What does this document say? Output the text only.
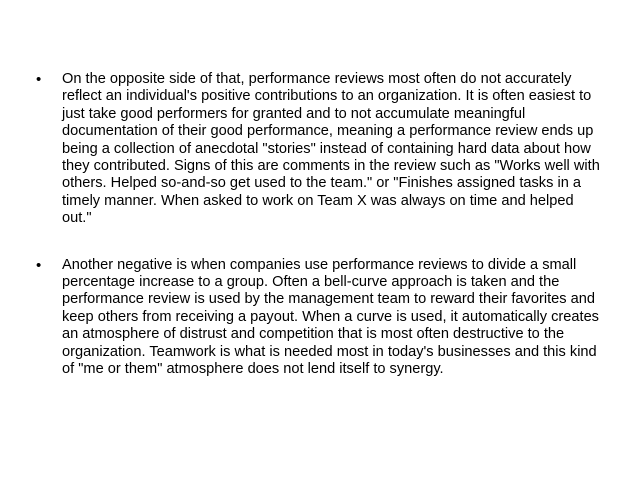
•	On the opposite side of that, performance reviews most often do not accurately reflect an individual's positive contributions to an organization. It is often easiest to just take good performers for granted and to not accumulate meaningful documentation of their good performance, meaning a performance review ends up being a collection of anecdotal "stories" instead of containing hard data about how they contributed. Signs of this are comments in the review such as "Works well with others. Helped so-and-so get used to the team." or "Finishes assigned tasks in a timely manner. When asked to work on Team X was always on time and helped out."

•	Another negative is when companies use performance reviews to divide a small percentage increase to a group. Often a bell-curve approach is taken and the performance review is used by the management team to reward their favorites and keep others from receiving a payout. When a curve is used, it automatically creates an atmosphere of distrust and competition that is most often destructive to the organization. Teamwork is what is needed most in today's businesses and this kind of "me or them" atmosphere does not lend itself to synergy.
